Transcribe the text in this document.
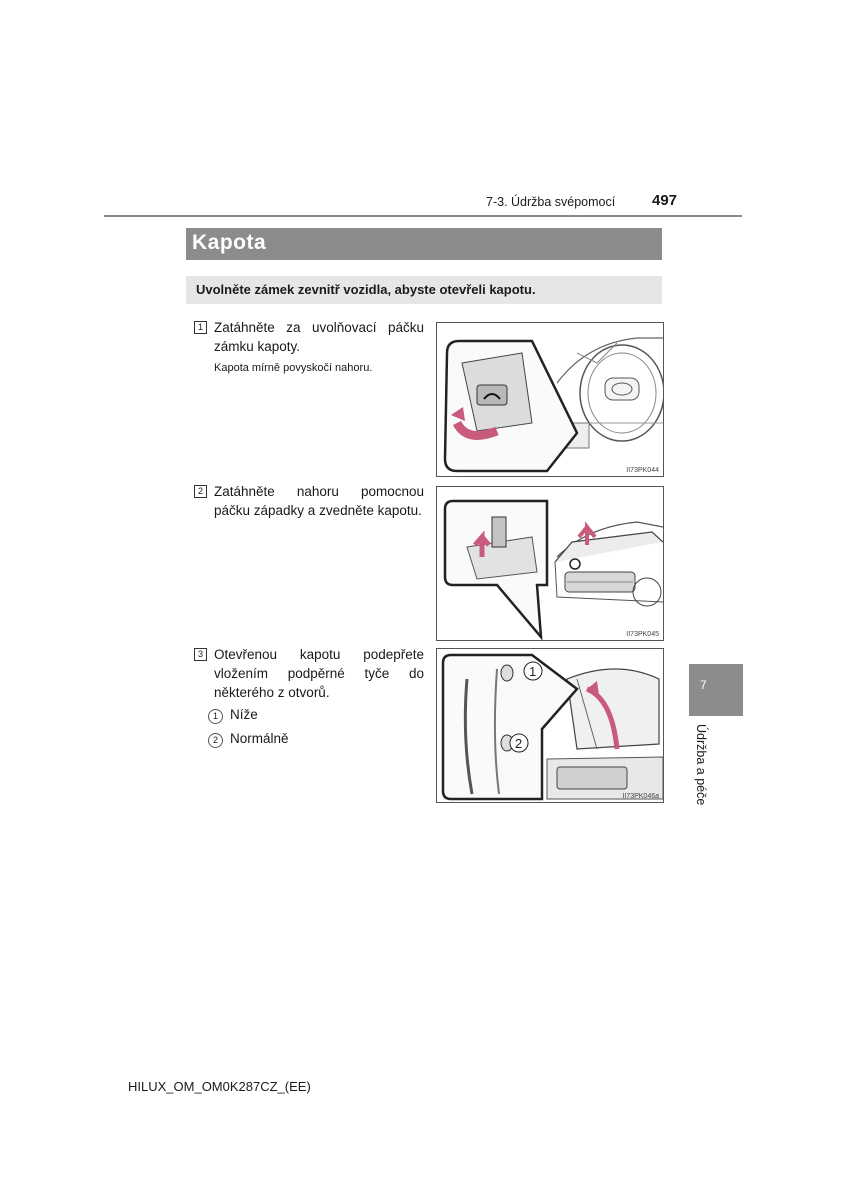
7-3. Údržba svépomocí 497
Kapota
Uvolněte zámek zevnitř vozidla, abyste otevřeli kapotu.
1 Zatáhněte za uvolňovací páčku zámku kapoty.
Kapota mírně povyskočí nahoru.
II73PK044
2 Zatáhněte nahoru pomocnou páčku západky a zvedněte kapotu.
II73PK045
3 Otevřenou kapotu podepřete vložením podpěrné tyče do některého z otvorů.
1 Níže
2 Normálně
1
2
II73PK046a
7
Údržba a péče
HILUX_OM_OM0K287CZ_(EE)
